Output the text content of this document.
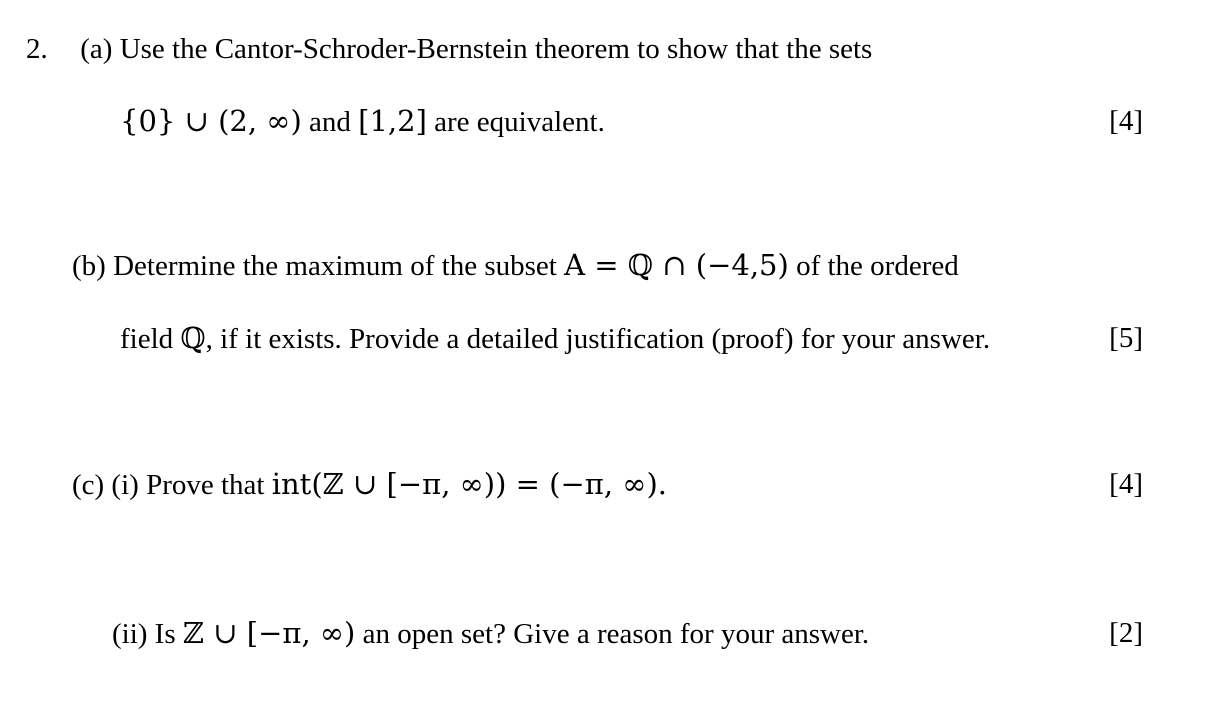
2. (a) Use the Cantor-Schroder-Bernstein theorem to show that the sets
{0} ∪ (2, ∞) and [1,2] are equivalent.	[4]
(b) Determine the maximum of the subset A = ℚ ∩ (−4,5) of the ordered
field ℚ, if it exists. Provide a detailed justification (proof) for your answer.	[5]
(c) (i) Prove that int(ℤ ∪ [−π, ∞)) = (−π, ∞).	[4]
(ii) Is ℤ ∪ [−π, ∞) an open set? Give a reason for your answer.	[2]
